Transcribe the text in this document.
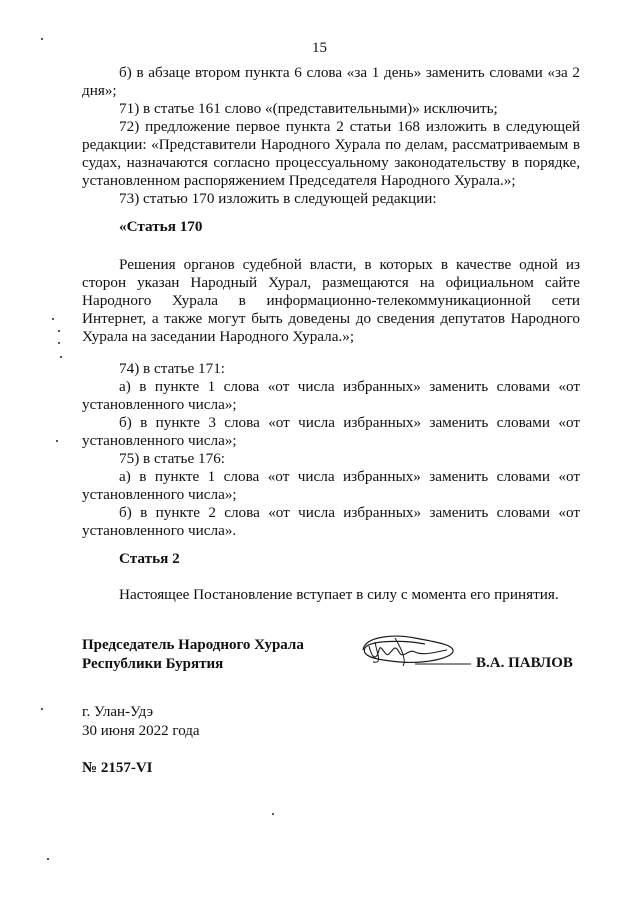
15

б) в абзаце втором пункта 6 слова «за 1 день» заменить словами «за 2 дня»;

71) в статье 161 слово «(представительными)» исключить;

72) предложение первое пункта 2 статьи 168 изложить в следующей редакции: «Представители Народного Хурала по делам, рассматриваемым в судах, назначаются согласно процессуальному законодательству в порядке, установленном распоряжением Председателя Народного Хурала.»;

73) статью 170 изложить в следующей редакции:

«Статья 170

Решения органов судебной власти, в которых в качестве одной из сторон указан Народный Хурал, размещаются на официальном сайте Народного Хурала в информационно-телекоммуникационной сети Интернет, а также могут быть доведены до сведения депутатов Народного Хурала на заседании Народного Хурала.»;

74) в статье 171:

а) в пункте 1 слова «от числа избранных» заменить словами «от установленного числа»;

б) в пункте 3 слова «от числа избранных» заменить словами «от установленного числа»;

75) в статье 176:

а) в пункте 1 слова «от числа избранных» заменить словами «от установленного числа»;

б) в пункте 2 слова «от числа избранных» заменить словами «от установленного числа».

Статья 2

Настоящее Постановление вступает в силу с момента его принятия.

Председатель Народного Хурала
Республики Бурятия	В.А. ПАВЛОВ
г. Улан-Удэ
30 июня 2022 года
№ 2157-VI
